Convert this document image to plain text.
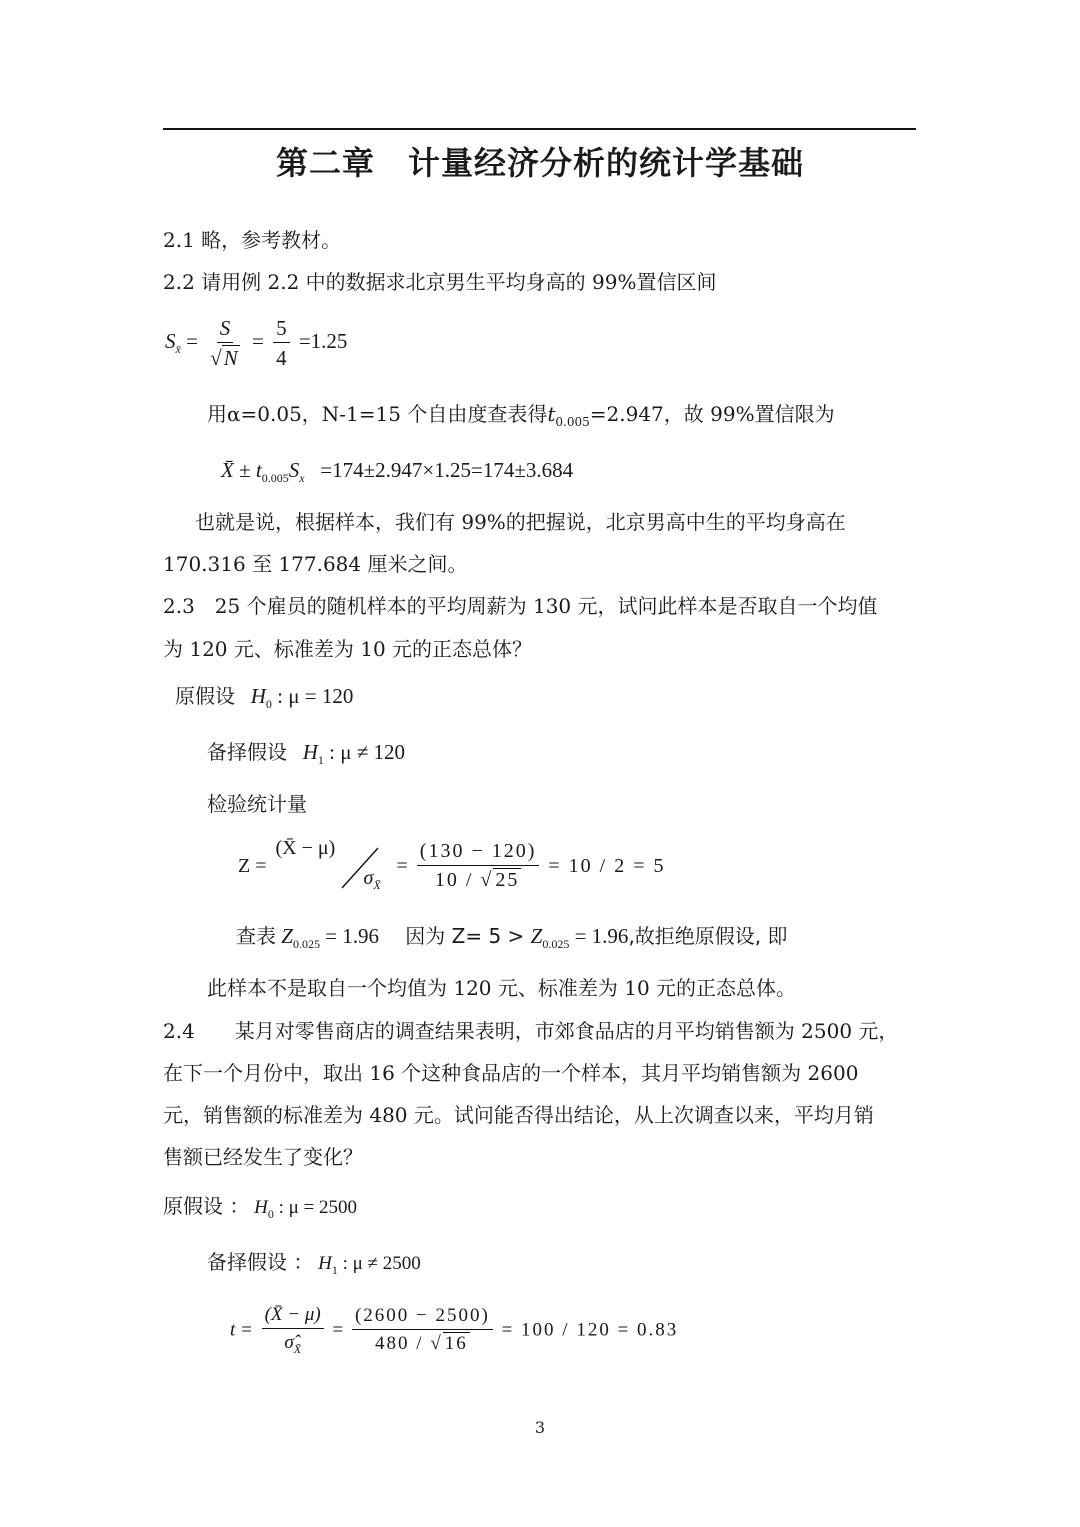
第二章　计量经济分析的统计学基础
2.1 略，参考教材。
2.2 请用例 2.2 中的数据求北京男生平均身高的 99%置信区间
$S_{x̄} = \frac{S}{√N} = \frac{5}{4} =1.25$
用α=0.05，N-1=15 个自由度查表得$t_{0.005}=2.947$，故 99%置信限为
X̄ ± $t_{0.005}S_x =174\pm 2.947\times 1.25=174\pm 3.684$
也就是说，根据样本，我们有 99%的把握说，北京男高中生的平均身高在
170.316 至 177.684 厘米之间。
2.3　25 个雇员的随机样本的平均周薪为 130 元，试问此样本是否取自一个均值
为 120 元、标准差为 10 元的正态总体？
原假设 $H_0$ : μ = 120
备择假设 $H_1$ : μ ≠ 120
检验统计量
Z =
(X̄ − μ)
$\sigma_{X̄}$
= $\frac{(130 - 120)}{10 / √ 25} = 10 / 2 = 5$
查表 $Z_{0.025} = 1.96$ 因为 $Z= 5 > Z_{0.025} = 1.96$,故拒绝原假设, 即
此样本不是取自一个均值为 120 元、标准差为 10 元的正态总体。
2.4　　某月对零售商店的调查结果表明，市郊食品店的月平均销售额为 2500 元，
在下一个月份中，取出 16 个这种食品店的一个样本，其月平均销售额为 2600
元，销售额的标准差为 480 元。试问能否得出结论，从上次调查以来，平均月销
售额已经发生了变化？
原假设 ： $H_0$ : μ = 2500
备择假设 ： $H_1$ : μ ≠ 2500
$t = \frac{(X̄ - \mu)}{\sigmâ_{X̄}} = \frac{(2600 - 2500)}{480 / √ 16} = 100 / 120 = 0.83$
3
